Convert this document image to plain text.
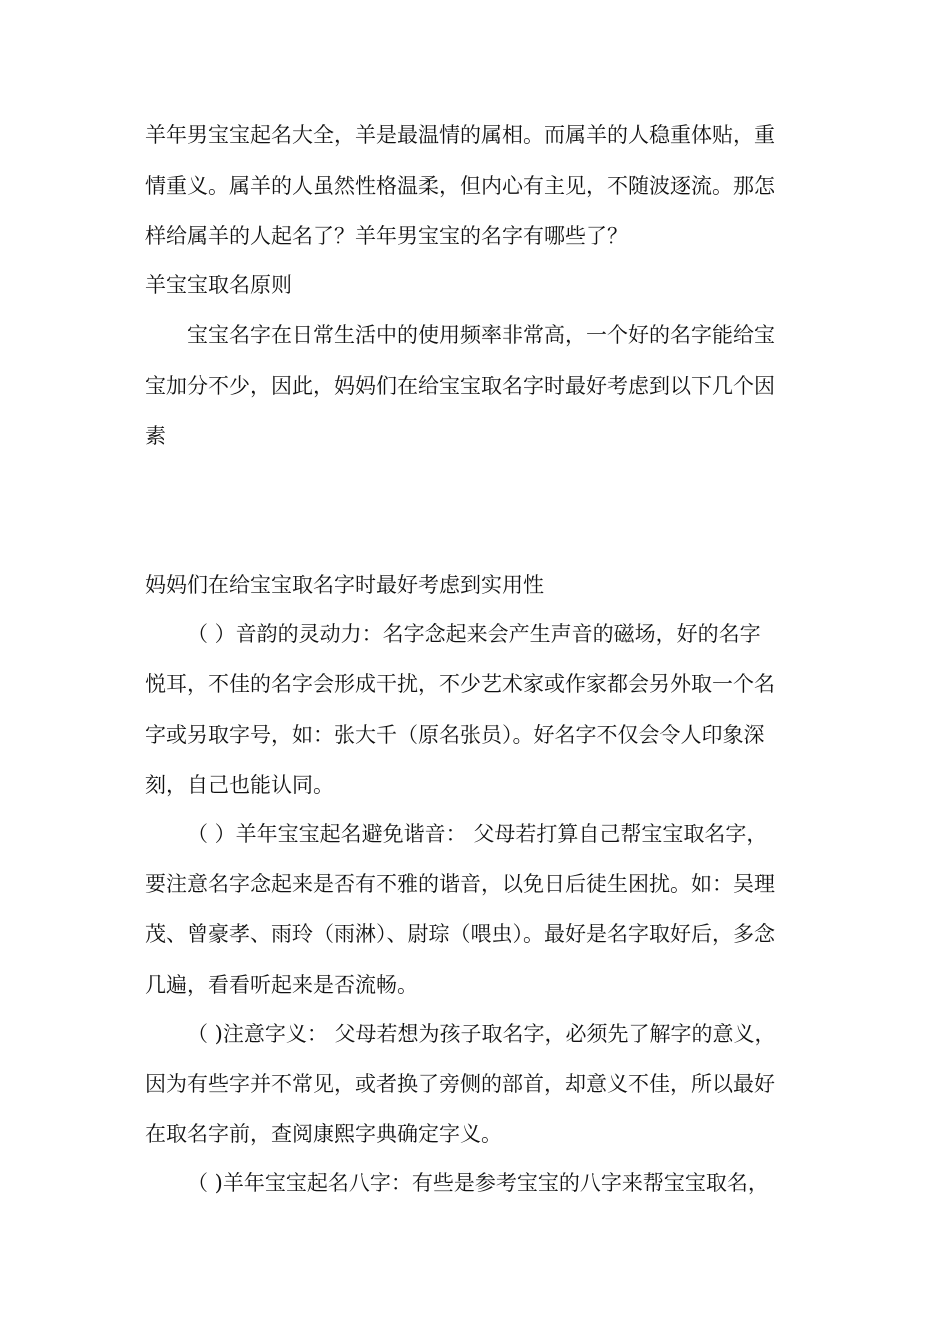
羊年男宝宝起名大全，羊是最温情的属相。而属羊的人稳重体贴，重
情重义。属羊的人虽然性格温柔，但内心有主见，不随波逐流。那怎
样给属羊的人起名了？羊年男宝宝的名字有哪些了？
羊宝宝取名原则
宝宝名字在日常生活中的使用频率非常高，一个好的名字能给宝
宝加分不少，因此，妈妈们在给宝宝取名字时最好考虑到以下几个因
素
妈妈们在给宝宝取名字时最好考虑到实用性
（ ）音韵的灵动力：名字念起来会产生声音的磁场，好的名字
悦耳，不佳的名字会形成干扰，不少艺术家或作家都会另外取一个名
字或另取字号，如：张大千（原名张员）。好名字不仅会令人印象深
刻，自己也能认同。
（ ）羊年宝宝起名避免谐音： 父母若打算自己帮宝宝取名字，
要注意名字念起来是否有不雅的谐音，以免日后徒生困扰。如：吴理
茂、曾豪孝、雨玲（雨淋）、尉琮（喂虫）。最好是名字取好后，多念
几遍，看看听起来是否流畅。
（ )注意字义： 父母若想为孩子取名字，必须先了解字的意义，
因为有些字并不常见，或者换了旁侧的部首，却意义不佳，所以最好
在取名字前，查阅康熙字典确定字义。
（ )羊年宝宝起名八字：有些是参考宝宝的八字来帮宝宝取名，
